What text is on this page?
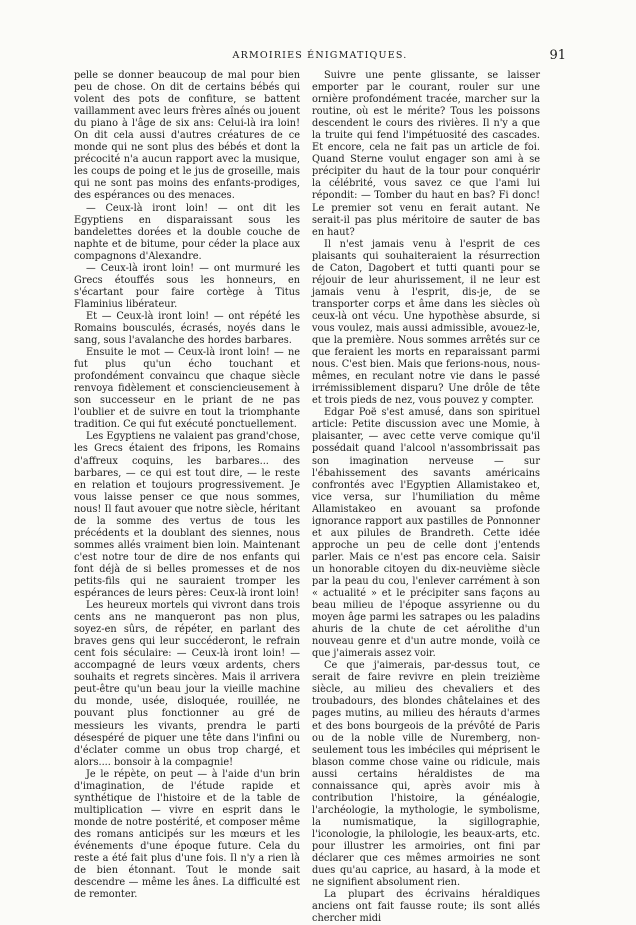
ARMOIRIES ÉNIGMATIQUES.	91

pelle se donner beaucoup de mal pour bien peu de chose. On dit de certains bébés qui volent des pots de confiture, se battent vaillamment avec leurs frères aînés ou jouent du piano à l'âge de six ans: Celui-là ira loin! On dit cela aussi d'autres créatures de ce monde qui ne sont plus des bébés et dont la précocité n'a aucun rapport avec la musique, les coups de poing et le jus de groseille, mais qui ne sont pas moins des enfants-prodiges, des espérances ou des menaces.

— Ceux-là iront loin! — ont dit les Egyptiens en disparaissant sous les bandelettes dorées et la double couche de naphte et de bitume, pour céder la place aux compagnons d'Alexandre.

— Ceux-là iront loin! — ont murmuré les Grecs étouffés sous les honneurs, en s'écartant pour faire cortège à Titus Flaminius libérateur.

Et — Ceux-là iront loin! — ont répété les Romains bousculés, écrasés, noyés dans le sang, sous l'avalanche des hordes barbares.

Ensuite le mot — Ceux-là iront loin! — ne fut plus qu'un écho touchant et profondément convaincu que chaque siècle renvoya fidèlement et consciencieusement à son successeur en le priant de ne pas l'oublier et de suivre en tout la triomphante tradition. Ce qui fut exécuté ponctuellement.

Les Egyptiens ne valaient pas grand'chose, les Grecs étaient des fripons, les Romains d'affreux coquins, les barbares... des barbares, — ce qui est tout dire, — le reste en relation et toujours progressivement. Je vous laisse penser ce que nous sommes, nous! Il faut avouer que notre siècle, héritant de la somme des vertus de tous les précédents et la doublant des siennes, nous sommes allés vraiment bien loin. Maintenant c'est notre tour de dire de nos enfants qui font déjà de si belles promesses et de nos petits-fils qui ne sauraient tromper les espérances de leurs pères: Ceux-là iront loin!

Les heureux mortels qui vivront dans trois cents ans ne manqueront pas non plus, soyez-en sûrs, de répéter, en parlant des braves gens qui leur succéderont, le refrain cent fois séculaire: — Ceux-là iront loin! — accompagné de leurs vœux ardents, chers souhaits et regrets sincères. Mais il arrivera peut-être qu'un beau jour la vieille machine du monde, usée, disloquée, rouillée, ne pouvant plus fonctionner au gré de messieurs les vivants, prendra le parti désespéré de piquer une tête dans l'infini ou d'éclater comme un obus trop chargé, et alors.... bonsoir à la compagnie!

Je le répète, on peut — à l'aide d'un brin d'imagination, de l'étude rapide et synthétique de l'histoire et de la table de multiplication — vivre en esprit dans le monde de notre postérité, et composer même des romans anticipés sur les mœurs et les événements d'une époque future. Cela du reste a été fait plus d'une fois. Il n'y a rien là de bien étonnant. Tout le monde sait descendre — même les ânes. La difficulté est de remonter.

Suivre une pente glissante, se laisser emporter par le courant, rouler sur une ornière profondément tracée, marcher sur la routine, où est le mérite? Tous les poissons descendent le cours des rivières. Il n'y a que la truite qui fend l'impétuosité des cascades. Et encore, cela ne fait pas un article de foi. Quand Sterne voulut engager son ami à se précipiter du haut de la tour pour conquérir la célébrité, vous savez ce que l'ami lui répondit: — Tomber du haut en bas? Fi donc! Le premier sot venu en ferait autant. Ne serait-il pas plus méritoire de sauter de bas en haut?

Il n'est jamais venu à l'esprit de ces plaisants qui souhaiteraient la résurrection de Caton, Dagobert et tutti quanti pour se réjouir de leur ahurissement, il ne leur est jamais venu à l'esprit, dis-je, de se transporter corps et âme dans les siècles où ceux-là ont vécu. Une hypothèse absurde, si vous voulez, mais aussi admissible, avouez-le, que la première. Nous sommes arrêtés sur ce que feraient les morts en reparaissant parmi nous. C'est bien. Mais que ferions-nous, nous-mêmes, en reculant notre vie dans le passé irrémissiblement disparu? Une drôle de tête et trois pieds de nez, vous pouvez y compter.

Edgar Poë s'est amusé, dans son spirituel article: Petite discussion avec une Momie, à plaisanter, — avec cette verve comique qu'il possédait quand l'alcool n'assombrissait pas son imagination nerveuse — sur l'ébahissement des savants américains confrontés avec l'Egyptien Allamistakeo et, vice versa, sur l'humiliation du même Allamistakeo en avouant sa profonde ignorance rapport aux pastilles de Ponnonner et aux pilules de Brandreth. Cette idée approche un peu de celle dont j'entends parler. Mais ce n'est pas encore cela. Saisir un honorable citoyen du dix-neuvième siècle par la peau du cou, l'enlever carrément à son « actualité » et le précipiter sans façons au beau milieu de l'époque assyrienne ou du moyen âge parmi les satrapes ou les paladins ahuris de la chute de cet aérolithe d'un nouveau genre et d'un autre monde, voilà ce que j'aimerais assez voir.

Ce que j'aimerais, par-dessus tout, ce serait de faire revivre en plein treizième siècle, au milieu des chevaliers et des troubadours, des blondes châtelaines et des pages mutins, au milieu des hérauts d'armes et des bons bourgeois de la prévôté de Paris ou de la noble ville de Nuremberg, non-seulement tous les imbéciles qui méprisent le blason comme chose vaine ou ridicule, mais aussi certains héraldistes de ma connaissance qui, après avoir mis à contribution l'histoire, la généalogie, l'archéologie, la mythologie, le symbolisme, la numismatique, la sigillographie, l'iconologie, la philologie, les beaux-arts, etc. pour illustrer les armoiries, ont fini par déclarer que ces mêmes armoiries ne sont dues qu'au caprice, au hasard, à la mode et ne signifient absolument rien.

La plupart des écrivains héraldiques anciens ont fait fausse route; ils sont allés chercher midi
